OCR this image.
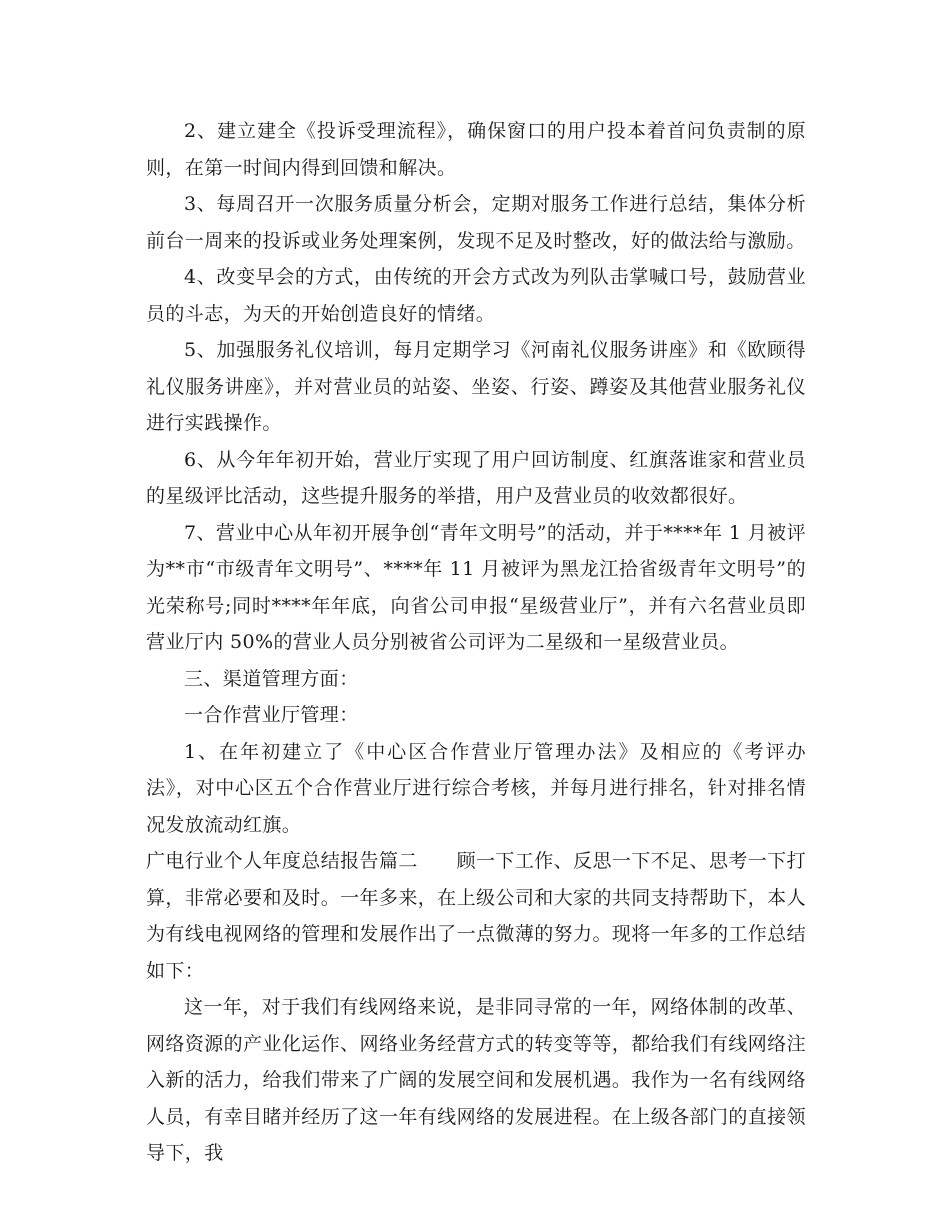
2、建立建全《投诉受理流程》，确保窗口的用户投本着首问负责制的原则，在第一时间内得到回馈和解决。

3、每周召开一次服务质量分析会，定期对服务工作进行总结，集体分析前台一周来的投诉或业务处理案例，发现不足及时整改，好的做法给与激励。

4、改变早会的方式，由传统的开会方式改为列队击掌喊口号，鼓励营业员的斗志，为天的开始创造良好的情绪。

5、加强服务礼仪培训，每月定期学习《河南礼仪服务讲座》和《欧顾得礼仪服务讲座》，并对营业员的站姿、坐姿、行姿、蹲姿及其他营业服务礼仪进行实践操作。

6、从今年年初开始，营业厅实现了用户回访制度、红旗落谁家和营业员的星级评比活动，这些提升服务的举措，用户及营业员的收效都很好。

7、营业中心从年初开展争创“青年文明号”的活动，并于****年 1 月被评为**市“市级青年文明号”、****年 11 月被评为黑龙江拾省级青年文明号”的光荣称号;同时****年年底，向省公司申报“星级营业厅”，并有六名营业员即营业厅内 50%的营业人员分别被省公司评为二星级和一星级营业员。

三、渠道管理方面：

一合作营业厅管理：

1、在年初建立了《中心区合作营业厅管理办法》及相应的《考评办法》，对中心区五个合作营业厅进行综合考核，并每月进行排名，针对排名情况发放流动红旗。

广电行业个人年度总结报告篇二　　顾一下工作、反思一下不足、思考一下打算，非常必要和及时。一年多来，在上级公司和大家的共同支持帮助下，本人为有线电视网络的管理和发展作出了一点微薄的努力。现将一年多的工作总结如下：

这一年，对于我们有线网络来说，是非同寻常的一年，网络体制的改革、网络资源的产业化运作、网络业务经营方式的转变等等，都给我们有线网络注入新的活力，给我们带来了广阔的发展空间和发展机遇。我作为一名有线网络人员，有幸目睹并经历了这一年有线网络的发展进程。在上级各部门的直接领导下，我
